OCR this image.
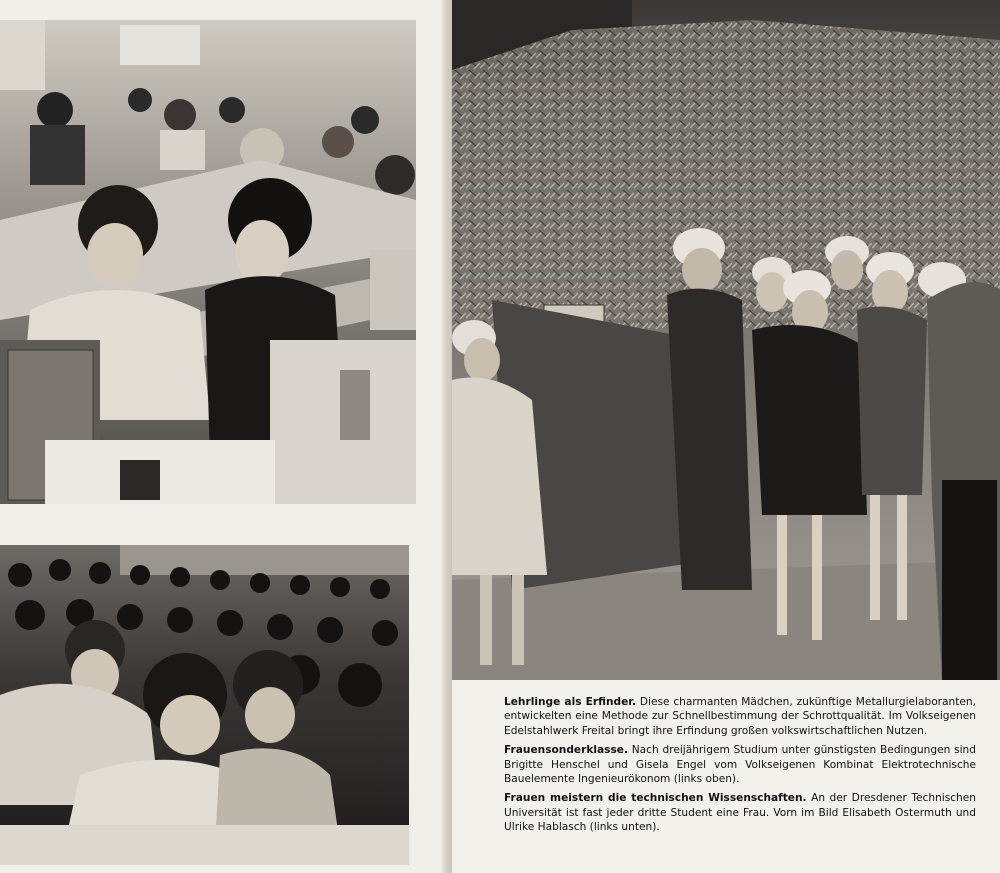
Lehrlinge als Erfinder. Diese charmanten Mädchen, zukünftige Metallurgielaboranten, entwickelten eine Methode zur Schnellbestimmung der Schrottqualität. Im Volkseigenen Edelstahlwerk Freital bringt ihre Erfindung großen volkswirtschaftlichen Nutzen.

Frauensonderklasse. Nach dreijährigem Studium unter günstigsten Bedingungen sind Brigitte Henschel und Gisela Engel vom Volkseigenen Kombinat Elektrotechnische Bauelemente Ingenieurökonom (links oben).

Frauen meistern die technischen Wissenschaften. An der Dresdener Technischen Universität ist fast jeder dritte Student eine Frau. Vorn im Bild Elisabeth Ostermuth und Ulrike Hablasch (links unten).
